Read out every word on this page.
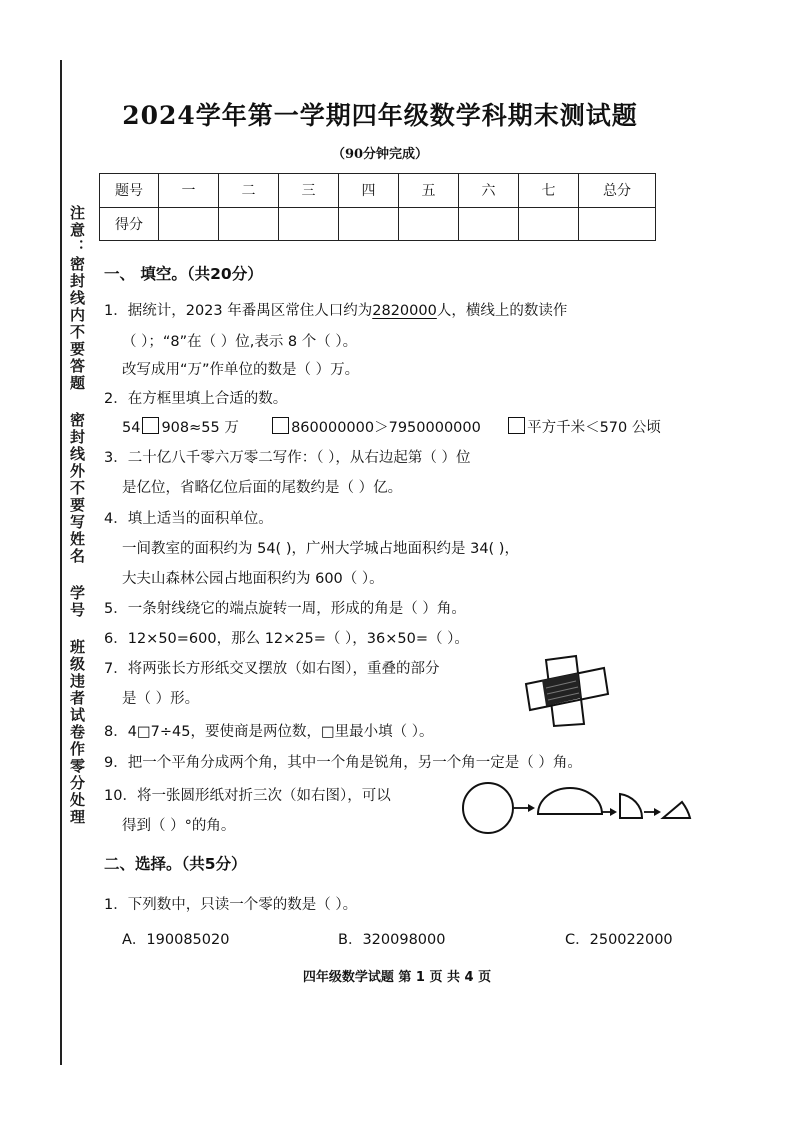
注意：密封线内不要答题 密封线外不要写姓名 学号 班级违者试卷作零分处理
2024学年第一学期四年级数学科期末测试题
（90分钟完成）
题号	一	二	三	四	五	六	七	总分
得分								
一、 填空。（共20分）
1．据统计，2023 年番禺区常住人口约为2820000人，横线上的数读作
（ ）；“8”在（ ）位,表示 8 个（ ）。
改写成用“万”作单位的数是（ ）万。
2．在方框里填上合适的数。
54 908≈55 万	860000000＞7950000000	平方千米＜570 公顷
3．二十亿八千零六万零二写作：（ ），从右边起第（ ）位
是亿位，省略亿位后面的尾数约是（ ）亿。
4．填上适当的面积单位。
一间教室的面积约为 54( )，广州大学城占地面积约是 34( )，
大夫山森林公园占地面积约为 600（ ）。
5．一条射线绕它的端点旋转一周，形成的角是（ ）角。
6．12×50=600，那么 12×25=（ ），36×50=（ ）。
7．将两张长方形纸交叉摆放（如右图），重叠的部分
是（ ）形。
8．4□7÷45，要使商是两位数，□里最小填（ ）。
9．把一个平角分成两个角，其中一个角是锐角，另一个角一定是（ ）角。
10．将一张圆形纸对折三次（如右图），可以
得到（ ）°的角。
二、选择。（共5分）
1．下列数中，只读一个零的数是（ ）。
A．190085020	B．320098000	C．250022000
四年级数学试题 第 1 页 共 4 页
